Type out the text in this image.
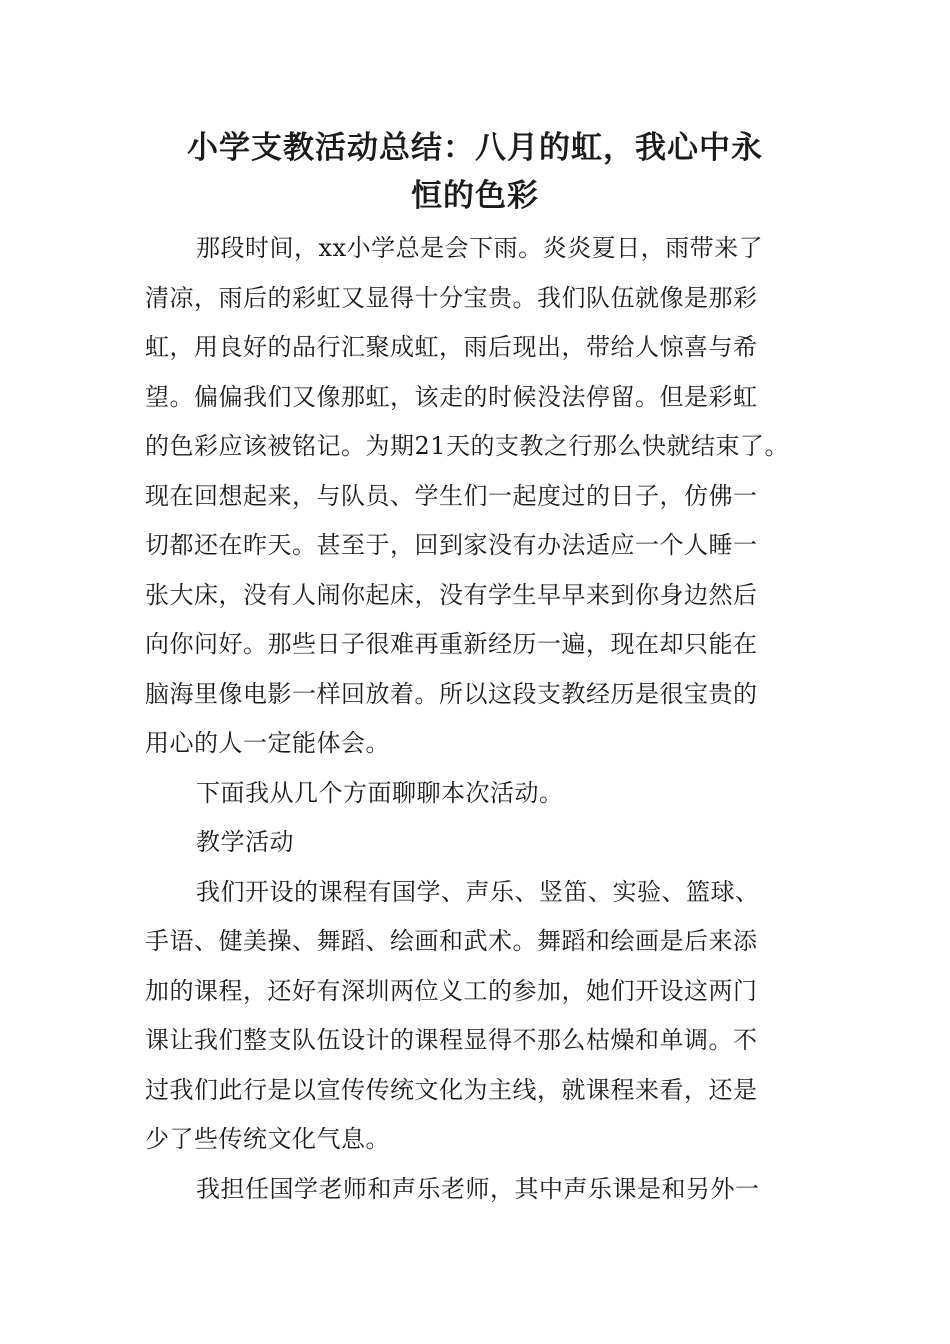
小学支教活动总结：八月的虹，我心中永
恒的色彩
那段时间，xx小学总是会下雨。炎炎夏日，雨带来了
清凉，雨后的彩虹又显得十分宝贵。我们队伍就像是那彩
虹，用良好的品行汇聚成虹，雨后现出，带给人惊喜与希
望。偏偏我们又像那虹，该走的时候没法停留。但是彩虹
的色彩应该被铭记。为期21天的支教之行那么快就结束了。
现在回想起来，与队员、学生们一起度过的日子，仿佛一
切都还在昨天。甚至于，回到家没有办法适应一个人睡一
张大床，没有人闹你起床，没有学生早早来到你身边然后
向你问好。那些日子很难再重新经历一遍，现在却只能在
脑海里像电影一样回放着。所以这段支教经历是很宝贵的
用心的人一定能体会。
下面我从几个方面聊聊本次活动。
教学活动
我们开设的课程有国学、声乐、竖笛、实验、篮球、
手语、健美操、舞蹈、绘画和武术。舞蹈和绘画是后来添
加的课程，还好有深圳两位义工的参加，她们开设这两门
课让我们整支队伍设计的课程显得不那么枯燥和单调。不
过我们此行是以宣传传统文化为主线，就课程来看，还是
少了些传统文化气息。
我担任国学老师和声乐老师，其中声乐课是和另外一
